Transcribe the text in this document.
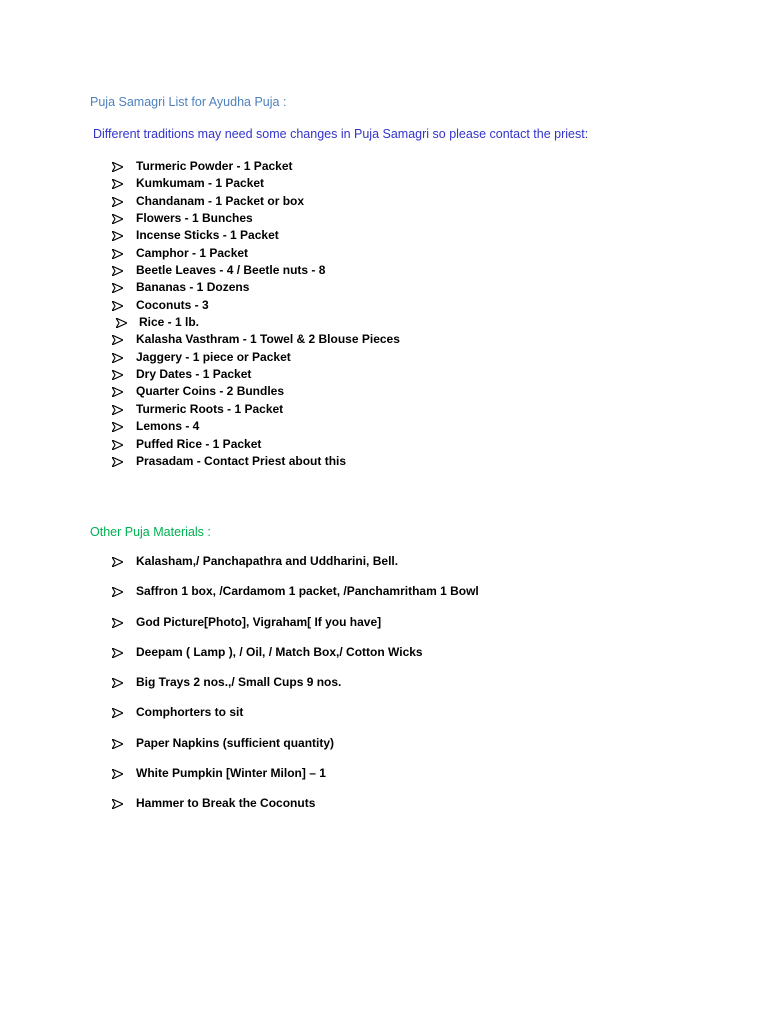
Puja Samagri List for Ayudha Puja :
Different traditions may need some changes in Puja Samagri so please contact the priest:
Turmeric Powder - 1 Packet
Kumkumam - 1 Packet
Chandanam - 1 Packet or box
Flowers - 1 Bunches
Incense Sticks - 1 Packet
Camphor - 1 Packet
Beetle Leaves - 4 / Beetle nuts - 8
Bananas - 1 Dozens
Coconuts - 3
Rice - 1 lb.
Kalasha Vasthram - 1 Towel & 2 Blouse Pieces
Jaggery - 1 piece or Packet
Dry Dates - 1 Packet
Quarter Coins - 2 Bundles
Turmeric Roots - 1 Packet
Lemons - 4
Puffed Rice - 1 Packet
Prasadam - Contact Priest about this
Other Puja Materials :
Kalasham,/ Panchapathra and Uddharini, Bell.
Saffron 1 box, /Cardamom 1 packet, /Panchamritham 1 Bowl
God Picture[Photo], Vigraham[ If you have]
Deepam ( Lamp ), / Oil, / Match Box,/ Cotton Wicks
Big Trays 2 nos.,/ Small Cups 9 nos.
Comphorters to sit
Paper Napkins (sufficient quantity)
White Pumpkin [Winter Milon] – 1
Hammer to Break the Coconuts
